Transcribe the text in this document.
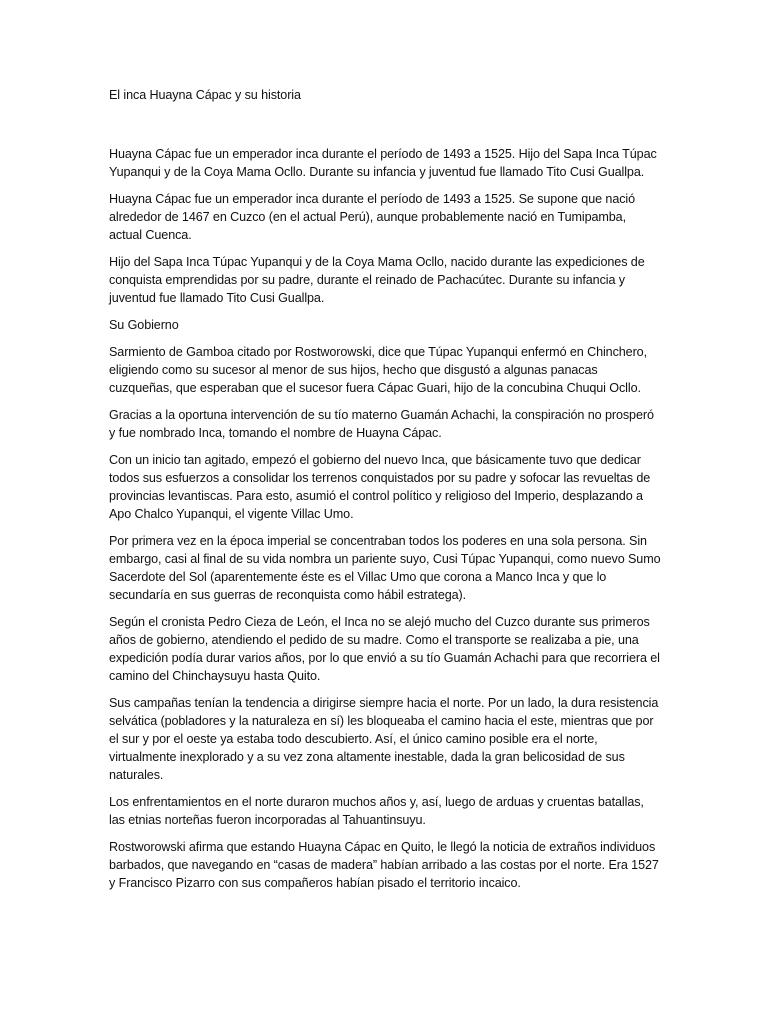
El inca Huayna Cápac y su historia

Huayna Cápac fue un emperador inca durante el período de 1493 a 1525. Hijo del Sapa Inca Túpac Yupanqui y de la Coya Mama Ocllo. Durante su infancia y juventud fue llamado Tito Cusi Guallpa.

Huayna Cápac fue un emperador inca durante el período de 1493 a 1525. Se supone que nació alrededor de 1467 en Cuzco (en el actual Perú), aunque probablemente nació en Tumipamba, actual Cuenca.

Hijo del Sapa Inca Túpac Yupanqui y de la Coya Mama Ocllo, nacido durante las expediciones de conquista emprendidas por su padre, durante el reinado de Pachacútec. Durante su infancia y juventud fue llamado Tito Cusi Guallpa.

Su Gobierno

Sarmiento de Gamboa citado por Rostworowski, dice que Túpac Yupanqui enfermó en Chinchero, eligiendo como su sucesor al menor de sus hijos, hecho que disgustó a algunas panacas cuzqueñas, que esperaban que el sucesor fuera Cápac Guari, hijo de la concubina Chuqui Ocllo.

Gracias a la oportuna intervención de su tío materno Guamán Achachi, la conspiración no prosperó y fue nombrado Inca, tomando el nombre de Huayna Cápac.

Con un inicio tan agitado, empezó el gobierno del nuevo Inca, que básicamente tuvo que dedicar todos sus esfuerzos a consolidar los terrenos conquistados por su padre y sofocar las revueltas de provincias levantiscas. Para esto, asumió el control político y religioso del Imperio, desplazando a Apo Chalco Yupanqui, el vigente Villac Umo.

Por primera vez en la época imperial se concentraban todos los poderes en una sola persona. Sin embargo, casi al final de su vida nombra un pariente suyo, Cusi Túpac Yupanqui, como nuevo Sumo Sacerdote del Sol (aparentemente éste es el Villac Umo que corona a Manco Inca y que lo secundaría en sus guerras de reconquista como hábil estratega).

Según el cronista Pedro Cieza de León, el Inca no se alejó mucho del Cuzco durante sus primeros años de gobierno, atendiendo el pedido de su madre. Como el transporte se realizaba a pie, una expedición podía durar varios años, por lo que envió a su tío Guamán Achachi para que recorriera el camino del Chinchaysuyu hasta Quito.

Sus campañas tenían la tendencia a dirigirse siempre hacia el norte. Por un lado, la dura resistencia selvática (pobladores y la naturaleza en sí) les bloqueaba el camino hacia el este, mientras que por el sur y por el oeste ya estaba todo descubierto. Así, el único camino posible era el norte, virtualmente inexplorado y a su vez zona altamente inestable, dada la gran belicosidad de sus naturales.

Los enfrentamientos en el norte duraron muchos años y, así, luego de arduas y cruentas batallas, las etnias norteñas fueron incorporadas al Tahuantinsuyu.

Rostworowski afirma que estando Huayna Cápac en Quito, le llegó la noticia de extraños individuos barbados, que navegando en “casas de madera” habían arribado a las costas por el norte. Era 1527 y Francisco Pizarro con sus compañeros habían pisado el territorio incaico.
